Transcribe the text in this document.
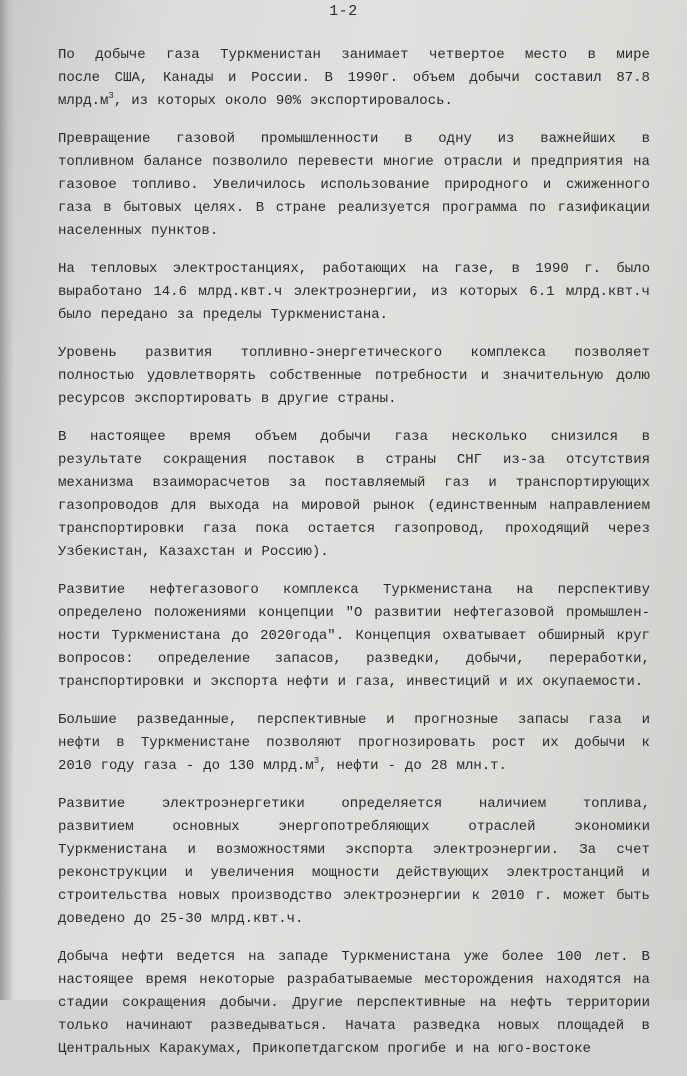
1-2
По добыче газа Туркменистан занимает четвертое место в мире
после США, Канады и России. В 1990г. объем добычи составил 87.8
$млрд.м^3$, из которых около 90% экспортировалось.
Превращение газовой промышленности в одну из важнейших в
топливном балансе позволило перевести многие отрасли и предприятия на
газовое топливо. Увеличилось использование природного и сжиженного
газа в бытовых целях. В стране реализуется программа по газификации
населенных пунктов.
На тепловых электростанциях, работающих на газе, в 1990 г. было
выработано 14.6 млрд.квт.ч электроэнергии, из которых 6.1 млрд.квт.ч
было передано за пределы Туркменистана.
Уровень развития топливно-энергетического комплекса позволяет
полностью удовлетворять собственные потребности и значительную долю
ресурсов экспортировать в другие страны.
В настоящее время объем добычи газа несколько снизился в
результате сокращения поставок в страны СНГ из-за отсутствия
механизма взаиморасчетов за поставляемый газ и транспортирующих
газопроводов для выхода на мировой рынок (единственным направлением
транспортировки газа пока остается газопровод, проходящий через
Узбекистан, Казахстан и Россию).
Развитие нефтегазового комплекса Туркменистана на перспективу
определено положениями концепции "О развитии нефтегазовой промышлен-
ности Туркменистана до 2020года". Концепция охватывает обширный круг
вопросов: определение запасов, разведки, добычи, переработки,
транспортировки и экспорта нефти и газа, инвестиций и их окупаемости.
Большие разведанные, перспективные и прогнозные запасы газа и
нефти в Туркменистане позволяют прогнозировать рост их добычи к
2010 году газа - до 130 $млрд.м^3$, нефти - до 28 млн.т.
Развитие	электроэнергетики	определяется	наличием	топлива,
развитием	основных	энергопотребляющих	отраслей	экономики
Туркменистана и возможностями экспорта электроэнергии. За счет
реконструкции и увеличения мощности действующих электростанций и
строительства новых производство электроэнергии к 2010 г. может быть
доведено до 25-30 млрд.квт.ч.
Добыча нефти ведется на западе Туркменистана уже более 100 лет. В
настоящее время некоторые разрабатываемые месторождения находятся на
стадии сокращения добычи. Другие перспективные на нефть территории
только начинают разведываться. Начата разведка новых площадей в
Центральных Каракумах, Прикопетдагском прогибе и на юго-востоке
